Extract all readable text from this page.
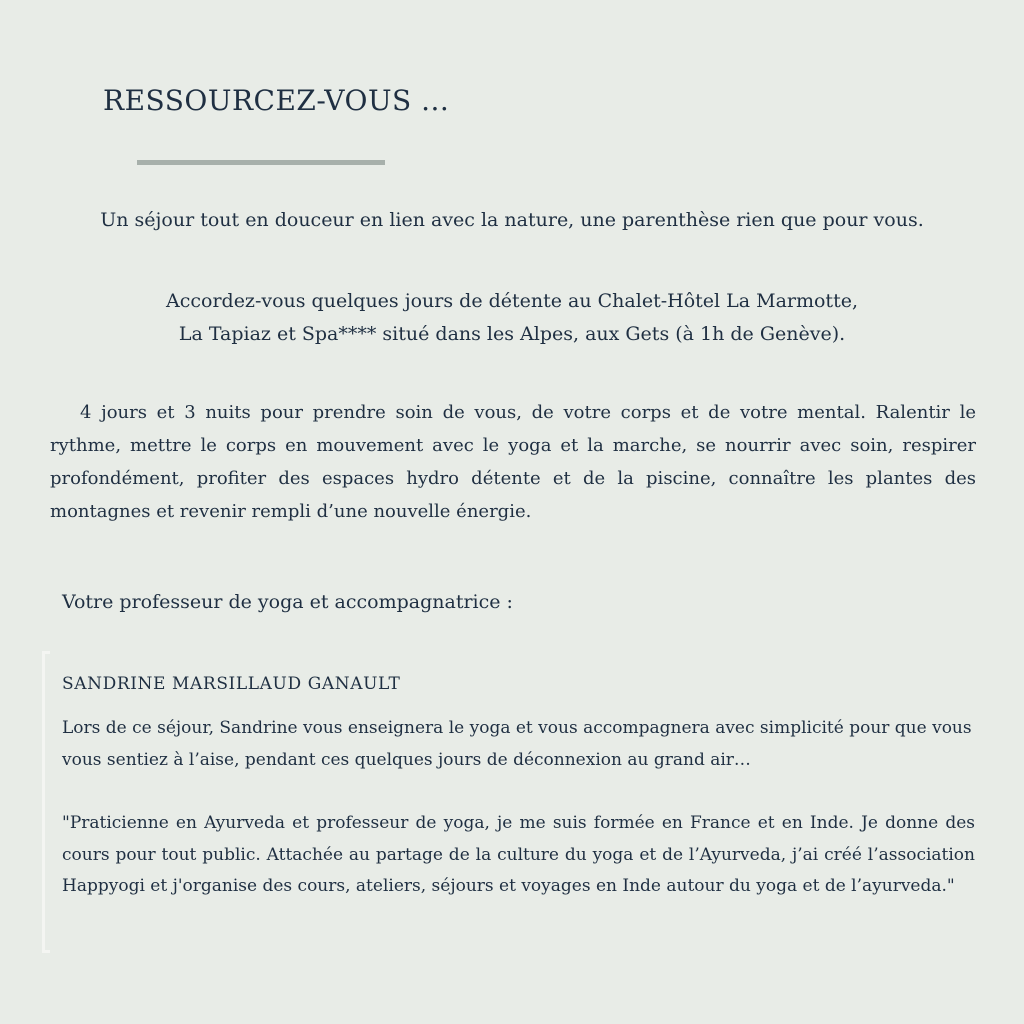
RESSOURCEZ-VOUS ...

Un séjour tout en douceur en lien avec la nature, une parenthèse rien que pour vous.

Accordez-vous quelques jours de détente au Chalet-Hôtel La Marmotte,
La Tapiaz et Spa**** situé dans les Alpes, aux Gets (à 1h de Genève).

4 jours et 3 nuits pour prendre soin de vous, de votre corps et de votre mental. Ralentir le rythme, mettre le corps en mouvement avec le yoga et la marche, se nourrir avec soin, respirer profondément, profiter des espaces hydro détente et de la piscine, connaître les plantes des montagnes et revenir rempli d’une nouvelle énergie.

Votre professeur de yoga et accompagnatrice :
SANDRINE MARSILLAUD GANAULT

Lors de ce séjour, Sandrine vous enseignera le yoga et vous accompagnera avec simplicité pour que vous vous sentiez à l’aise, pendant ces quelques jours de déconnexion au grand air…

"Praticienne en Ayurveda et professeur de yoga, je me suis formée en France et en Inde. Je donne des cours pour tout public. Attachée au partage de la culture du yoga et de l’Ayurveda, j’ai créé l’association Happyogi et j'organise des cours, ateliers, séjours et voyages en Inde autour du yoga et de l’ayurveda."
